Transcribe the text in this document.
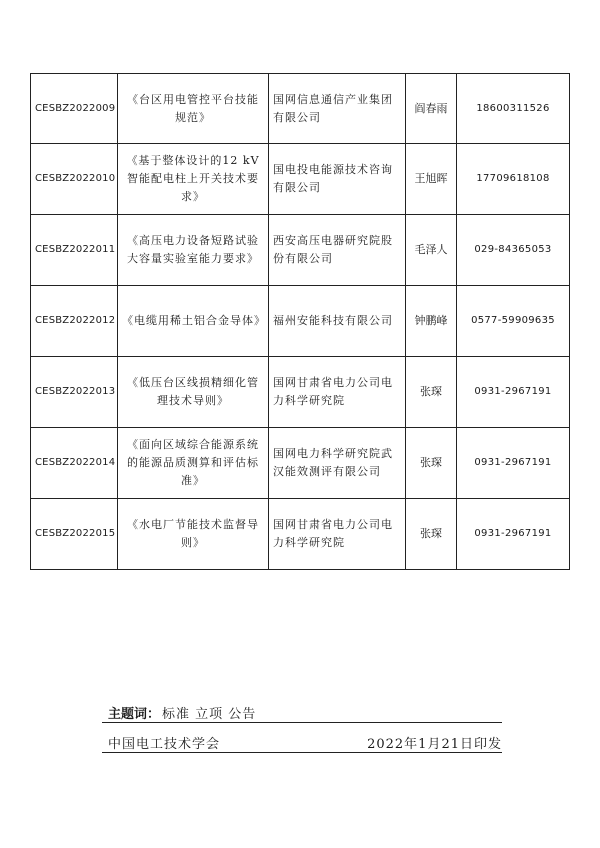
CESBZ2022009	《台区用电管控平台技能规范》	国网信息通信产业集团有限公司	阎春雨	18600311526
CESBZ2022010	《基于整体设计的12 kV智能配电柱上开关技术要求》	国电投电能源技术咨询有限公司	王旭晖	17709618108
CESBZ2022011	《高压电力设备短路试验大容量实验室能力要求》	西安高压电器研究院股份有限公司	毛泽人	029-84365053
CESBZ2022012	《电缆用稀土铝合金导体》	福州安能科技有限公司	钟鹏峰	0577-59909635
CESBZ2022013	《低压台区线损精细化管理技术导则》	国网甘肃省电力公司电力科学研究院	张琛	0931-2967191
CESBZ2022014	《面向区域综合能源系统的能源品质测算和评估标准》	国网电力科学研究院武汉能效测评有限公司	张琛	0931-2967191
CESBZ2022015	《水电厂节能技术监督导则》	国网甘肃省电力公司电力科学研究院	张琛	0931-2967191
主题词： 标准 立项 公告
中国电工技术学会	2022年1月21日印发
